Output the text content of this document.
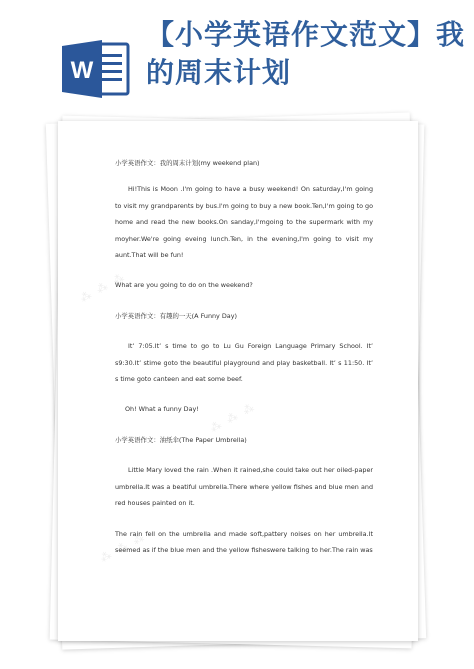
W
【小学英语作文范文】我的周末计划
⁂ ⁂ ⁂
⁂ ⁂ ⁂
⁂ ⁂ ⁂

小学英语作文：我的周末计划(my weekend plan)

Hi!This is Moon .I'm going to have a busy weekend! On saturday,I'm going to visit my grandparents by bus.I'm going to buy a new book.Ten,I'm going to go home and read the new books.On sanday,I'mgoing to the supermark with my moyher.We're going eveing lunch.Ten, in the evening,I'm going to visit my aunt.That will be fun!

What are you going to do on the weekend?

小学英语作文：有趣的一天(A Funny Day)

It’ 7:05.It’ s time to go to Lu Gu Foreign Language Primary School. It’ s9:30.It’ stime goto the beautiful playground and play basketball. It’ s 11:50. It’ s time goto canteen and eat some beef.

Oh! What a funny Day!

小学英语作文：油纸伞(The Paper Umbrella)

Little Mary loved the rain .When it rained,she could take out her oiled-paper umbrella.It was a beatiful umbrella.There where yellow fishes and blue men and red houses painted on it.

The rain fell on the umbrella and made soft,pattery noises on her umbrella.It seemed as if the blue men and the yellow fisheswere talking to her.The rain was
